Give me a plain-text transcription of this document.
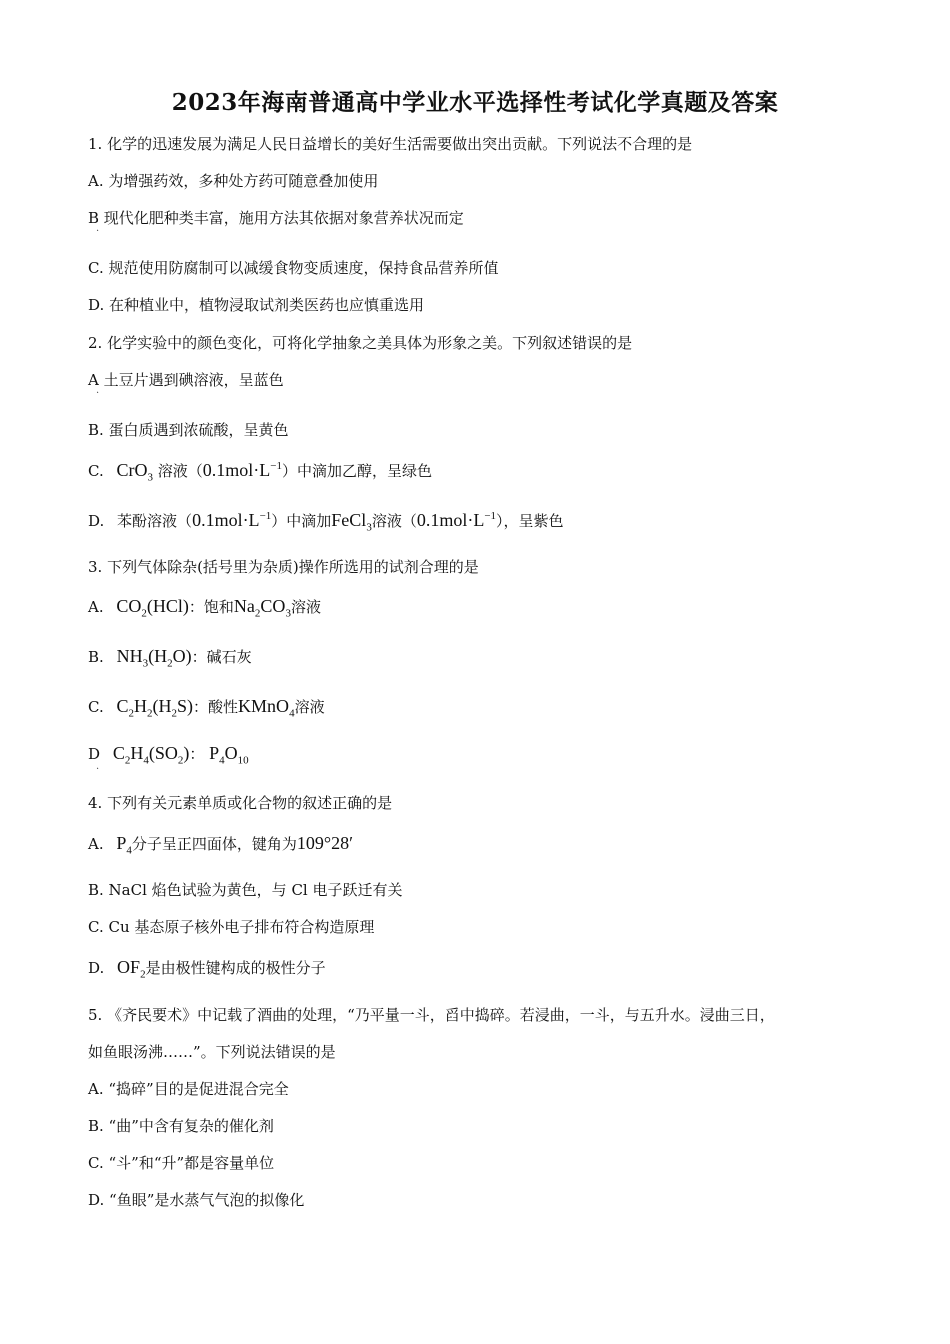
2023年海南普通高中学业水平选择性考试化学真题及答案
1. 化学的迅速发展为满足人民日益增长的美好生活需要做出突出贡献。下列说法不合理的是
A. 为增强药效，多种处方药可随意叠加使用
B 现代化肥种类丰富，施用方法其依据对象营养状况而定
·
C. 规范使用防腐制可以减缓食物变质速度，保持食品营养所值
D. 在种植业中，植物浸取试剂类医药也应慎重选用
2. 化学实验中的颜色变化，可将化学抽象之美具体为形象之美。下列叙述错误的是
A 土豆片遇到碘溶液，呈蓝色
·
B. 蛋白质遇到浓硫酸，呈黄色
C. CrO$_3$ 溶液$(0.1mol\cdot L^{-1})$中滴加乙醇，呈绿色
D. 苯酚溶液$(0.1mol\cdot L^{-1})$中滴加FeCl$_3$溶液$(0.1mol\cdot L^{-1})$，呈紫色
3. 下列气体除杂(括号里为杂质)操作所选用的试剂合理的是
A. $CO_2(HCl)$：饱和$Na_2CO_3$溶液
B. $NH_3(H_2O)$：碱石灰
C. $C_2H_2(H_2S)$：酸性KMnO$_4$溶液
D $C_2H_4(SO_2)$： $P_4O_{10}$
·
4. 下列有关元素单质或化合物的叙述正确的是
A. $P_4$分子呈正四面体，键角为109°28′
B. NaCl 焰色试验为黄色，与 Cl 电子跃迁有关
C. Cu 基态原子核外电子排布符合构造原理
D. $OF_2$是由极性键构成的极性分子
5. 《齐民要术》中记载了酒曲的处理，“乃平量一斗，舀中捣碎。若浸曲，一斗，与五升水。浸曲三日，
如鱼眼汤沸……”。下列说法错误的是
A. “捣碎”目的是促进混合完全
B. “曲”中含有复杂的催化剂
C. “斗”和“升”都是容量单位
D. “鱼眼”是水蒸气气泡的拟像化
